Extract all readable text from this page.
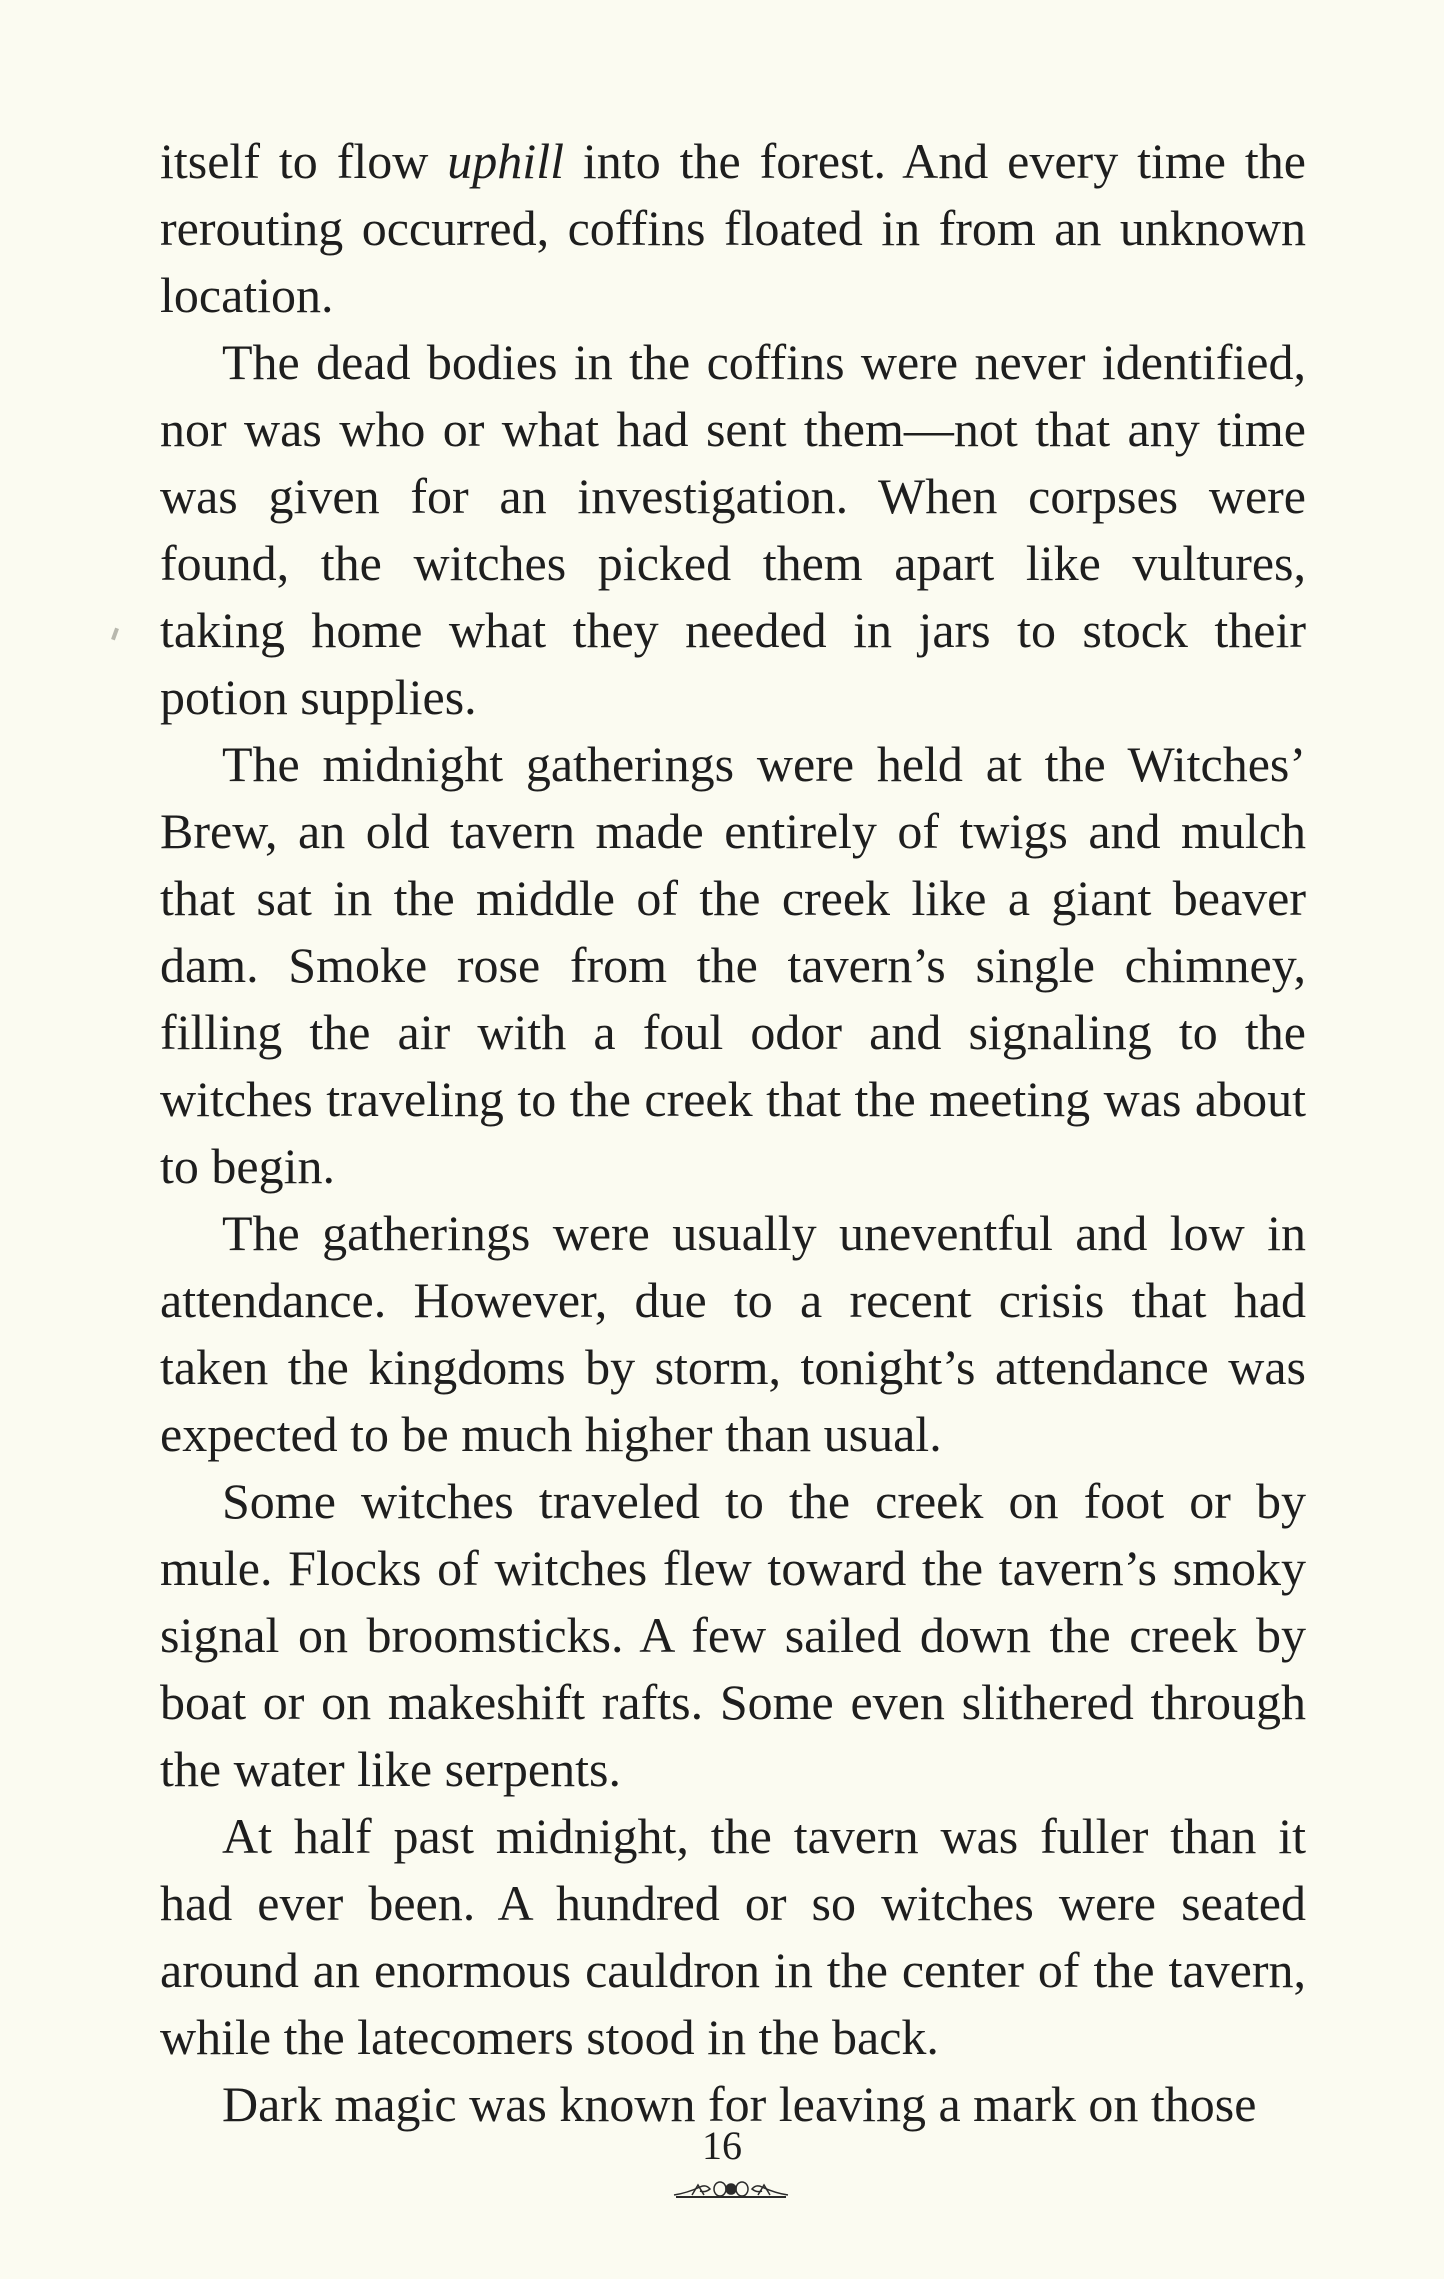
itself to flow uphill into the forest. And every time the rerouting occurred, coffins floated in from an unknown location.

The dead bodies in the coffins were never identified, nor was who or what had sent them—not that any time was given for an investigation. When corpses were found, the witches picked them apart like vultures, taking home what they needed in jars to stock their potion supplies.

The midnight gatherings were held at the Witches’ Brew, an old tavern made entirely of twigs and mulch that sat in the middle of the creek like a giant beaver dam. Smoke rose from the tavern’s single chimney, filling the air with a foul odor and signaling to the witches traveling to the creek that the meeting was about to begin.

The gatherings were usually uneventful and low in attendance. However, due to a recent crisis that had taken the kingdoms by storm, tonight’s attendance was expected to be much higher than usual.

Some witches traveled to the creek on foot or by mule. Flocks of witches flew toward the tavern’s smoky signal on broomsticks. A few sailed down the creek by boat or on makeshift rafts. Some even slithered through the water like serpents.

At half past midnight, the tavern was fuller than it had ever been. A hundred or so witches were seated around an enormous cauldron in the center of the tavern, while the latecomers stood in the back.

Dark magic was known for leaving a mark on those

16
